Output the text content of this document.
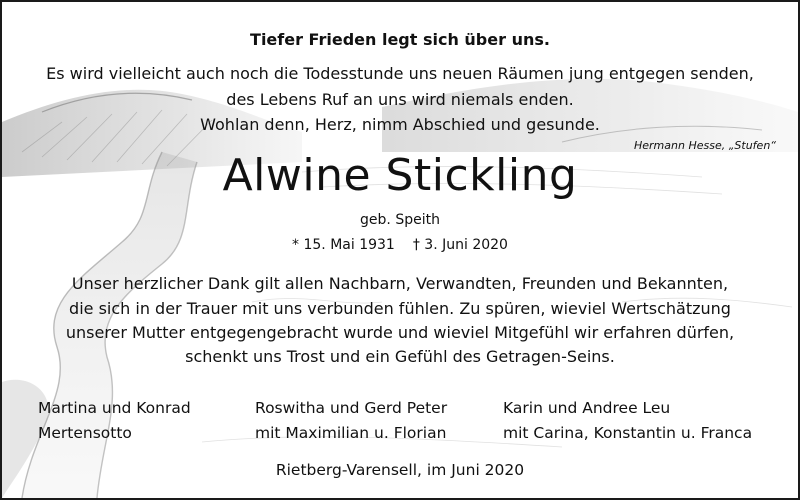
Tiefer Frieden legt sich über uns.
Es wird vielleicht auch noch die Todesstunde uns neuen Räumen jung entgegen senden,
des Lebens Ruf an uns wird niemals enden.
Wohlan denn, Herz, nimm Abschied und gesunde.
Hermann Hesse, „Stufen“
Alwine Stickling
geb. Speith
* 15. Mai 1931 † 3. Juni 2020
Unser herzlicher Dank gilt allen Nachbarn, Verwandten, Freunden und Bekannten,
die sich in der Trauer mit uns verbunden fühlen. Zu spüren, wieviel Wertschätzung
unserer Mutter entgegengebracht wurde und wieviel Mitgefühl wir erfahren dürfen,
schenkt uns Trost und ein Gefühl des Getragen-Seins.
Martina und Konrad
Mertensotto
Roswitha und Gerd Peter
mit Maximilian u. Florian
Karin und Andree Leu
mit Carina, Konstantin u. Franca
Rietberg-Varensell, im Juni 2020
